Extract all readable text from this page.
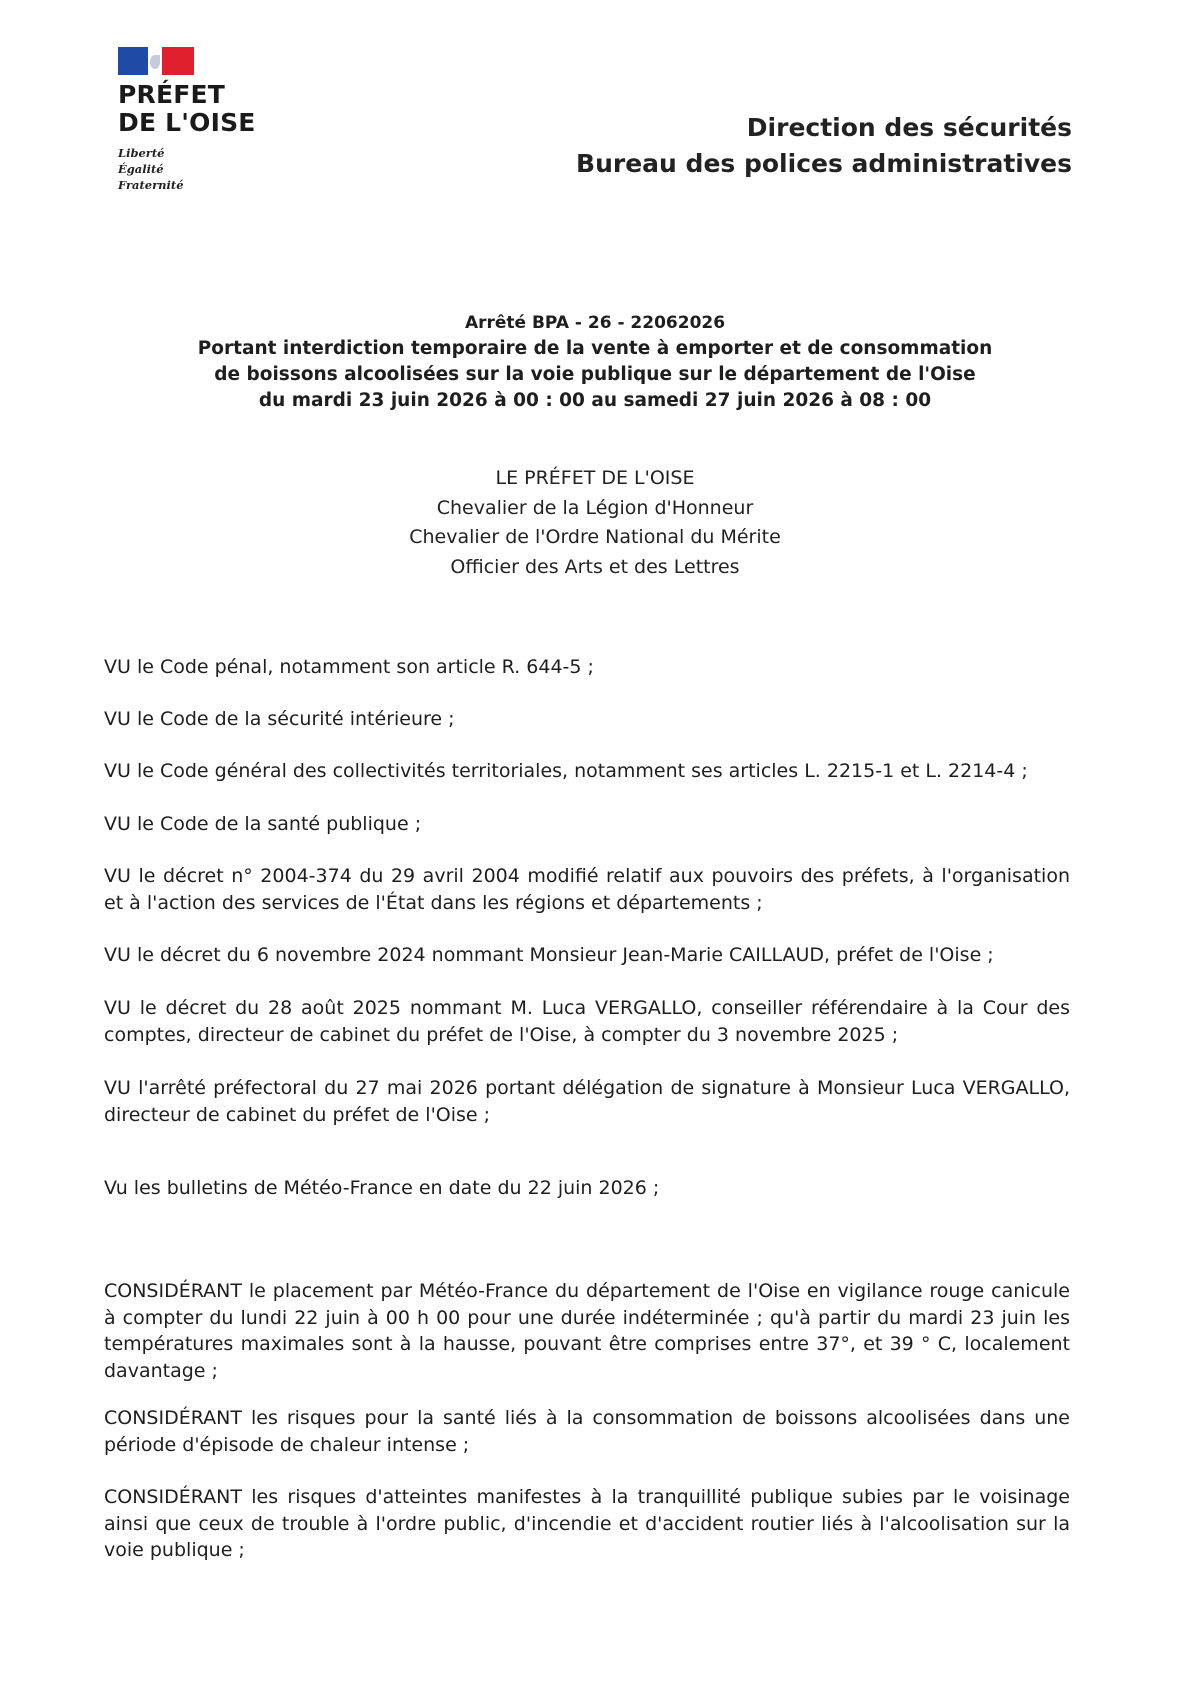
PRÉFET
DE L'OISE
Liberté
Égalité
Fraternité
Direction des sécurités
Bureau des polices administratives
Arrêté BPA - 26 - 22062026
Portant interdiction temporaire de la vente à emporter et de consommation
de boissons alcoolisées sur la voie publique sur le département de l'Oise
du mardi 23 juin 2026 à 00 : 00 au samedi 27 juin 2026 à 08 : 00
LE PRÉFET DE L'OISE
Chevalier de la Légion d'Honneur
Chevalier de l'Ordre National du Mérite
Officier des Arts et des Lettres
VU le Code pénal, notamment son article R. 644-5 ;
VU le Code de la sécurité intérieure ;
VU le Code général des collectivités territoriales, notamment ses articles L. 2215-1 et L. 2214-4 ;
VU le Code de la santé publique ;
VU le décret n° 2004-374 du 29 avril 2004 modifié relatif aux pouvoirs des préfets, à l'organisation et à l'action des services de l'État dans les régions et départements ;
VU le décret du 6 novembre 2024 nommant Monsieur Jean-Marie CAILLAUD, préfet de l'Oise ;
VU le décret du 28 août 2025 nommant M. Luca VERGALLO, conseiller référendaire à la Cour des comptes, directeur de cabinet du préfet de l'Oise, à compter du 3 novembre 2025 ;
VU l'arrêté préfectoral du 27 mai 2026 portant délégation de signature à Monsieur Luca VERGALLO, directeur de cabinet du préfet de l'Oise ;
Vu les bulletins de Météo-France en date du 22 juin 2026 ;
CONSIDÉRANT le placement par Météo-France du département de l'Oise en vigilance rouge canicule à compter du lundi 22 juin à 00 h 00 pour une durée indéterminée ; qu'à partir du mardi 23 juin les températures maximales sont à la hausse, pouvant être comprises entre 37°, et 39 ° C, localement davantage ;
CONSIDÉRANT les risques pour la santé liés à la consommation de boissons alcoolisées dans une période d'épisode de chaleur intense ;
CONSIDÉRANT les risques d'atteintes manifestes à la tranquillité publique subies par le voisinage ainsi que ceux de trouble à l'ordre public, d'incendie et d'accident routier liés à l'alcoolisation sur la voie publique ;
